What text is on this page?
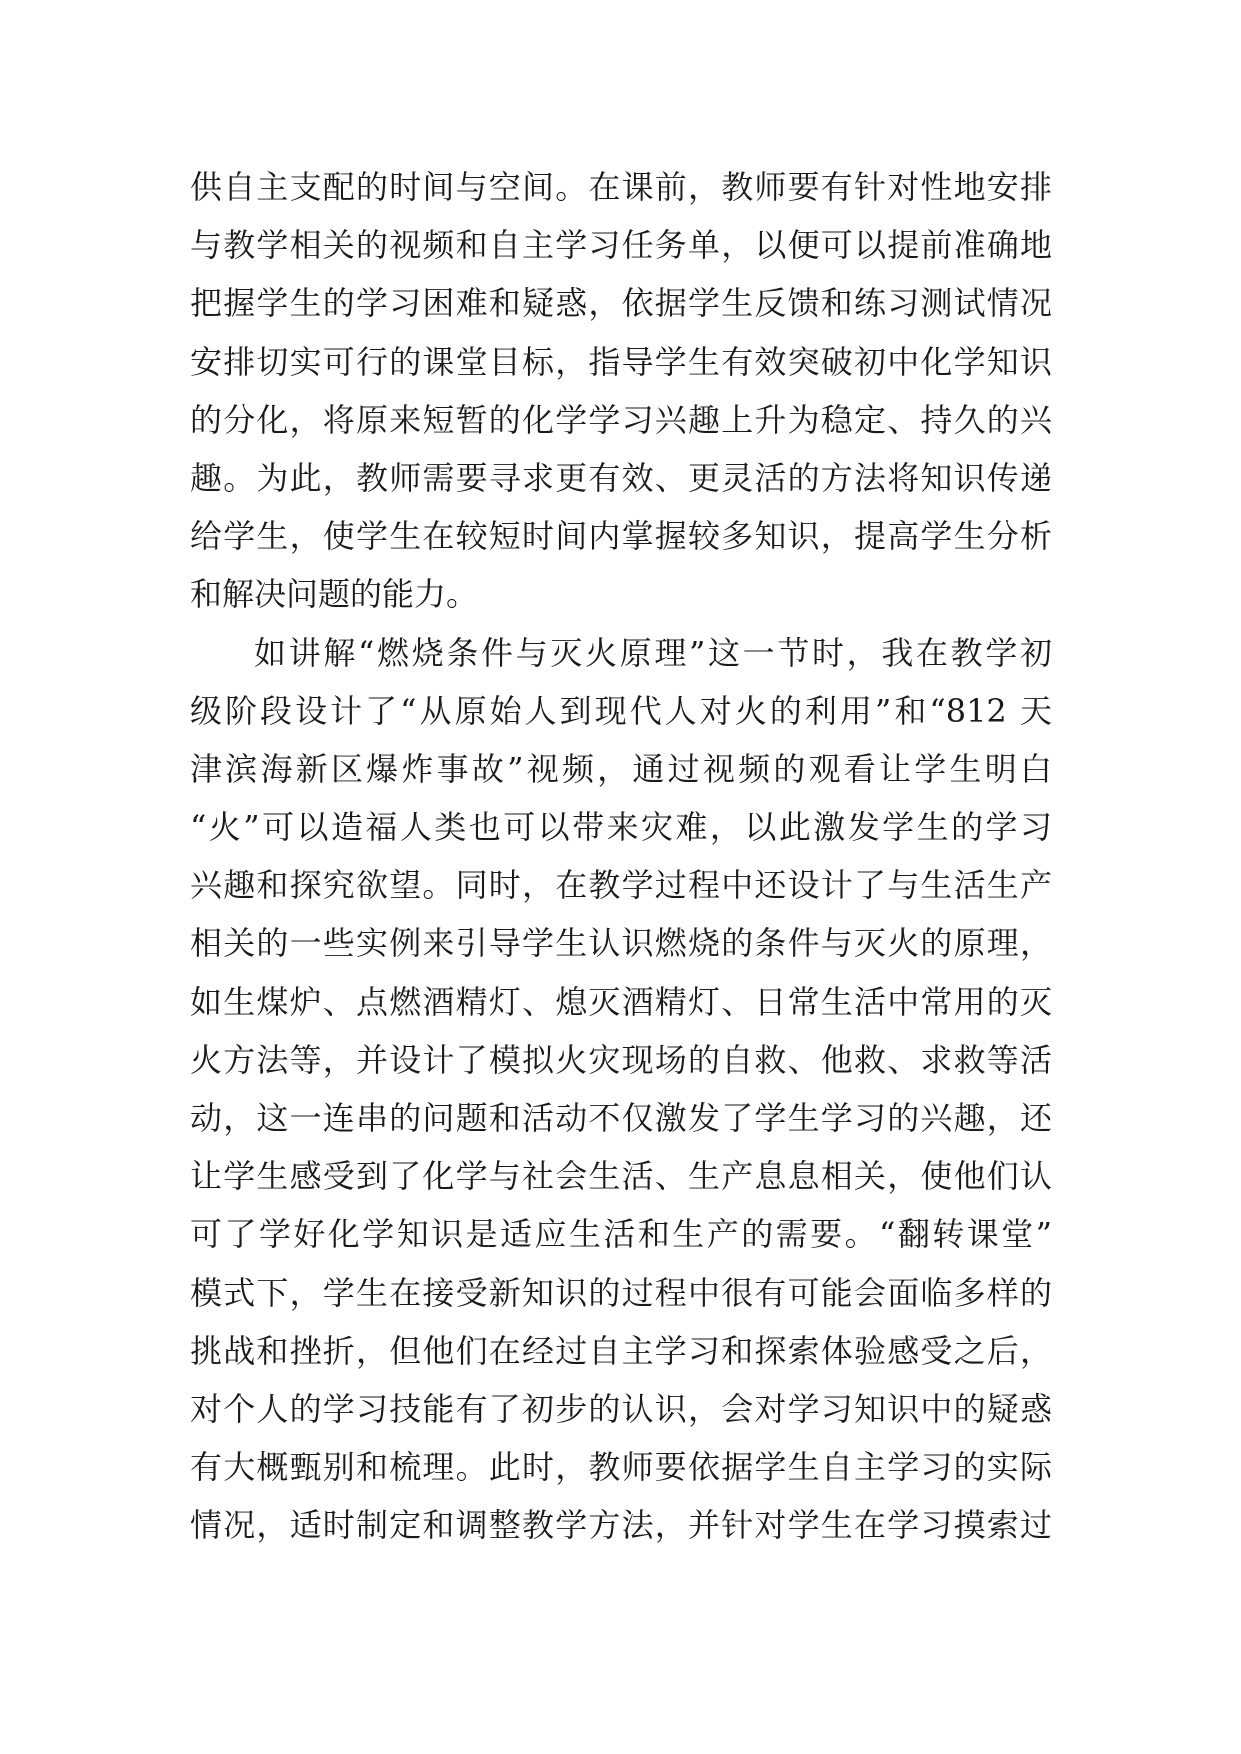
供自主支配的时间与空间。在课前，教师要有针对性地安排
与教学相关的视频和自主学习任务单，以便可以提前准确地
把握学生的学习困难和疑惑，依据学生反馈和练习测试情况
安排切实可行的课堂目标，指导学生有效突破初中化学知识
的分化，将原来短暂的化学学习兴趣上升为稳定、持久的兴
趣。为此，教师需要寻求更有效、更灵活的方法将知识传递
给学生，使学生在较短时间内掌握较多知识，提高学生分析
和解决问题的能力。
如讲解“燃烧条件与灭火原理”这一节时，我在教学初
级阶段设计了“从原始人到现代人对火的利用”和“812 天
津滨海新区爆炸事故”视频，通过视频的观看让学生明白
“火”可以造福人类也可以带来灾难，以此激发学生的学习
兴趣和探究欲望。同时，在教学过程中还设计了与生活生产
相关的一些实例来引导学生认识燃烧的条件与灭火的原理，
如生煤炉、点燃酒精灯、熄灭酒精灯、日常生活中常用的灭
火方法等，并设计了模拟火灾现场的自救、他救、求救等活
动，这一连串的问题和活动不仅激发了学生学习的兴趣，还
让学生感受到了化学与社会生活、生产息息相关，使他们认
可了学好化学知识是适应生活和生产的需要。“翻转课堂”
模式下，学生在接受新知识的过程中很有可能会面临多样的
挑战和挫折，但他们在经过自主学习和探索体验感受之后，
对个人的学习技能有了初步的认识，会对学习知识中的疑惑
有大概甄别和梳理。此时，教师要依据学生自主学习的实际
情况，适时制定和调整教学方法，并针对学生在学习摸索过
